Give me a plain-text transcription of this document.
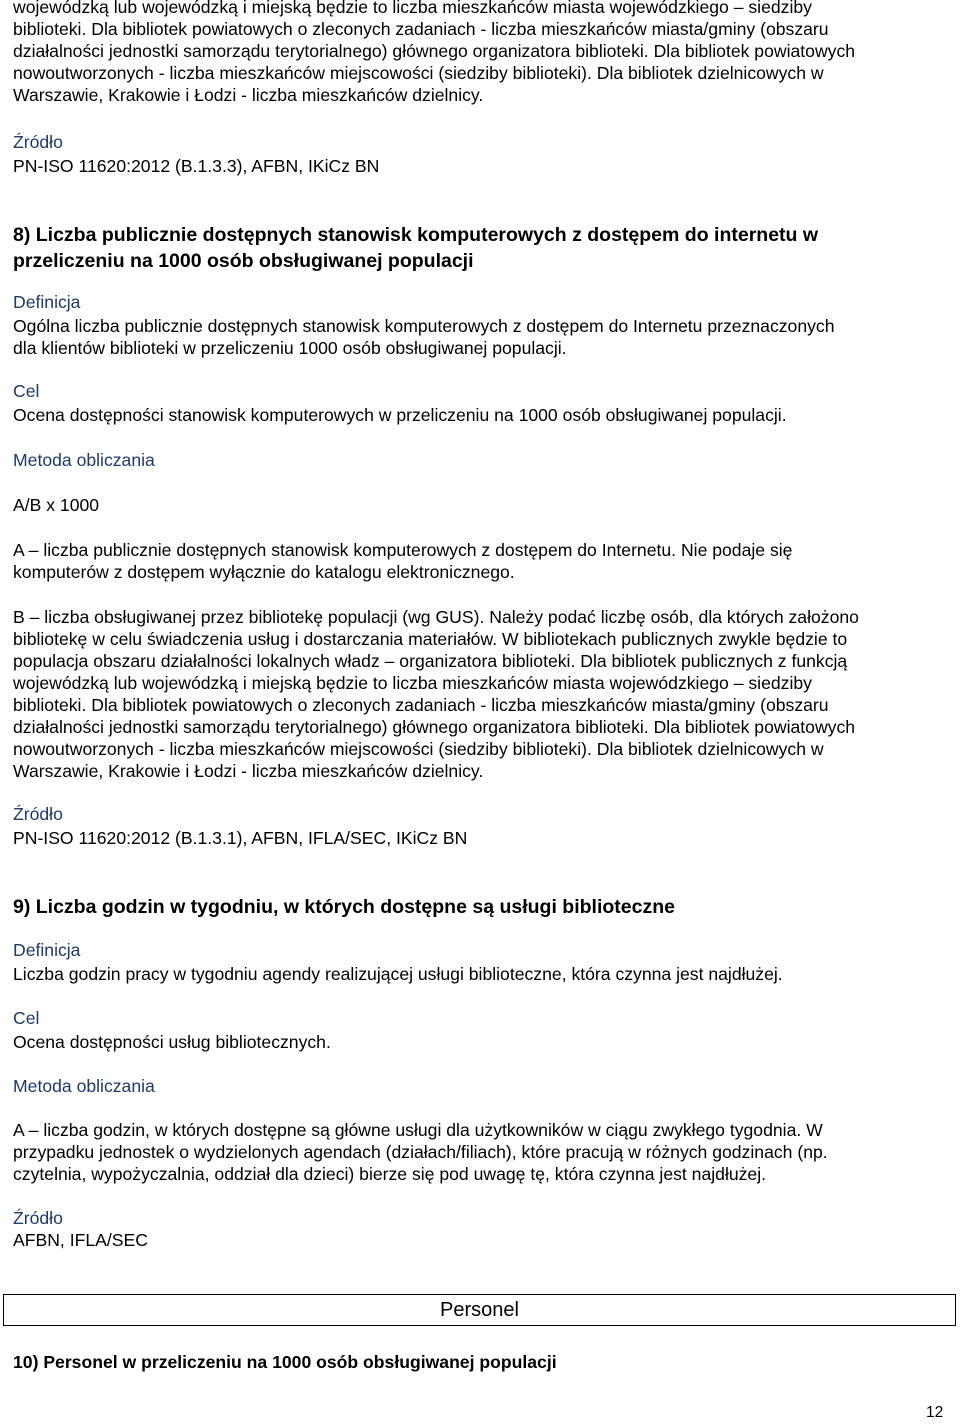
wojewódzką lub wojewódzką i miejską będzie to liczba mieszkańców miasta wojewódzkiego – siedziby
biblioteki. Dla bibliotek powiatowych o zleconych zadaniach - liczba mieszkańców miasta/gminy (obszaru
działalności jednostki samorządu terytorialnego) głównego organizatora biblioteki. Dla bibliotek powiatowych
nowoutworzonych - liczba mieszkańców miejscowości (siedziby biblioteki). Dla bibliotek dzielnicowych w
Warszawie, Krakowie i Łodzi - liczba mieszkańców dzielnicy.
Źródło
PN-ISO 11620:2012 (B.1.3.3), AFBN, IKiCz BN
8) Liczba publicznie dostępnych stanowisk komputerowych z dostępem do internetu w
przeliczeniu na 1000 osób obsługiwanej populacji
Definicja
Ogólna liczba publicznie dostępnych stanowisk komputerowych z dostępem do Internetu przeznaczonych
dla klientów biblioteki w przeliczeniu 1000 osób obsługiwanej populacji.
Cel
Ocena dostępności stanowisk komputerowych w przeliczeniu na 1000 osób obsługiwanej populacji.
Metoda obliczania
A/B x 1000
A – liczba publicznie dostępnych stanowisk komputerowych z dostępem do Internetu. Nie podaje się
komputerów z dostępem wyłącznie do katalogu elektronicznego.
B – liczba obsługiwanej przez bibliotekę populacji (wg GUS). Należy podać liczbę osób, dla których założono
bibliotekę w celu świadczenia usług i dostarczania materiałów. W bibliotekach publicznych zwykle będzie to
populacja obszaru działalności lokalnych władz – organizatora biblioteki. Dla bibliotek publicznych z funkcją
wojewódzką lub wojewódzką i miejską będzie to liczba mieszkańców miasta wojewódzkiego – siedziby
biblioteki. Dla bibliotek powiatowych o zleconych zadaniach - liczba mieszkańców miasta/gminy (obszaru
działalności jednostki samorządu terytorialnego) głównego organizatora biblioteki. Dla bibliotek powiatowych
nowoutworzonych - liczba mieszkańców miejscowości (siedziby biblioteki). Dla bibliotek dzielnicowych w
Warszawie, Krakowie i Łodzi - liczba mieszkańców dzielnicy.
Źródło
PN-ISO 11620:2012 (B.1.3.1), AFBN, IFLA/SEC, IKiCz BN
9) Liczba godzin w tygodniu, w których dostępne są usługi biblioteczne
Definicja
Liczba godzin pracy w tygodniu agendy realizującej usługi biblioteczne, która czynna jest najdłużej.
Cel
Ocena dostępności usług bibliotecznych.
Metoda obliczania
A – liczba godzin, w których dostępne są główne usługi dla użytkowników w ciągu zwykłego tygodnia. W
przypadku jednostek o wydzielonych agendach (działach/filiach), które pracują w różnych godzinach (np.
czytelnia, wypożyczalnia, oddział dla dzieci) bierze się pod uwagę tę, która czynna jest najdłużej.
Źródło
AFBN, IFLA/SEC
Personel
10) Personel w przeliczeniu na 1000 osób obsługiwanej populacji
12
